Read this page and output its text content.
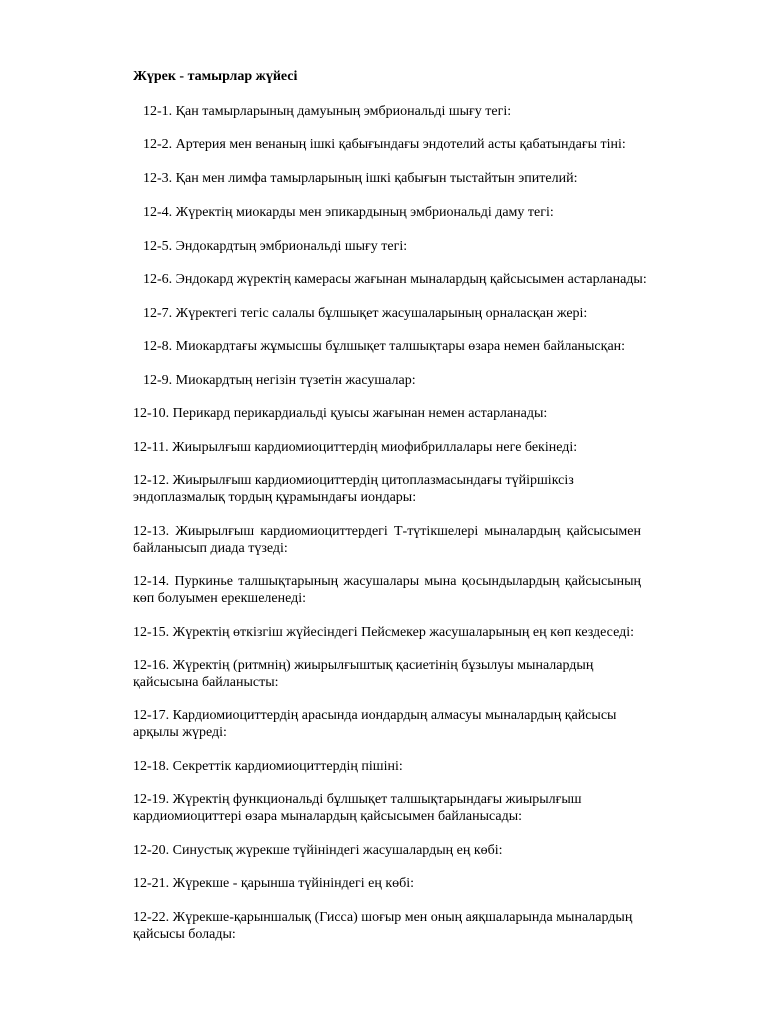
Жүрек - тамырлар жүйесі

12-1. Қан тамырларының дамуының эмбриональді шығу тегі:

12-2. Артерия мен венаның ішкі қабығындағы эндотелий асты қабатындағы тіні:

12-3. Қан мен лимфа тамырларының ішкі қабығын тыстайтын эпителий:

12-4. Жүректің миокарды мен эпикардының эмбриональді даму тегі:

12-5. Эндокардтың эмбриональді шығу тегі:

12-6. Эндокард жүректің камерасы жағынан мыналардың қайсысымен астарланады:

12-7. Жүректегі тегіс салалы бұлшықет жасушаларының орналасқан жері:

12-8. Миокардтағы жұмысшы бұлшықет талшықтары өзара немен байланысқан:

12-9. Миокардтың негізін түзетін жасушалар:

12-10. Перикард перикардиальді қуысы жағынан немен астарланады:

12-11. Жиырылғыш кардиомиоциттердің миофибриллалары неге бекінеді:

12-12. Жиырылғыш кардиомиоциттердің цитоплазмасындағы түйіршіксіз эндоплазмалық тордың құрамындағы иондары:

12-13. Жиырылғыш кардиомиоциттердегі Т-түтікшелері мыналардың қайсысымен байланысып диада түзеді:

12-14. Пуркинье талшықтарының жасушалары мына қосындылардың қайсысының көп болуымен ерекшеленеді:

12-15. Жүректің өткізгіш жүйесіндегі Пейсмекер жасушаларының ең көп кездеседі:

12-16. Жүректің (ритмнің) жиырылғыштық қасиетінің бұзылуы мыналардың қайсысына байланысты:

12-17. Кардиомиоциттердің арасында иондардың алмасуы мыналардың қайсысы арқылы жүреді:

12-18. Секреттік кардиомиоциттердің пішіні:

12-19. Жүректің функциональді бұлшықет талшықтарындағы жиырылғыш кардиомиоциттері өзара мыналардың қайсысымен байланысады:

12-20. Синустық жүрекше түйініндегі жасушалардың ең көбі:

12-21. Жүрекше - қарынша түйініндегі ең көбі:

12-22. Жүрекше-қарыншалық (Гисса) шоғыр мен оның аяқшаларында мыналардың қайсысы болады:
